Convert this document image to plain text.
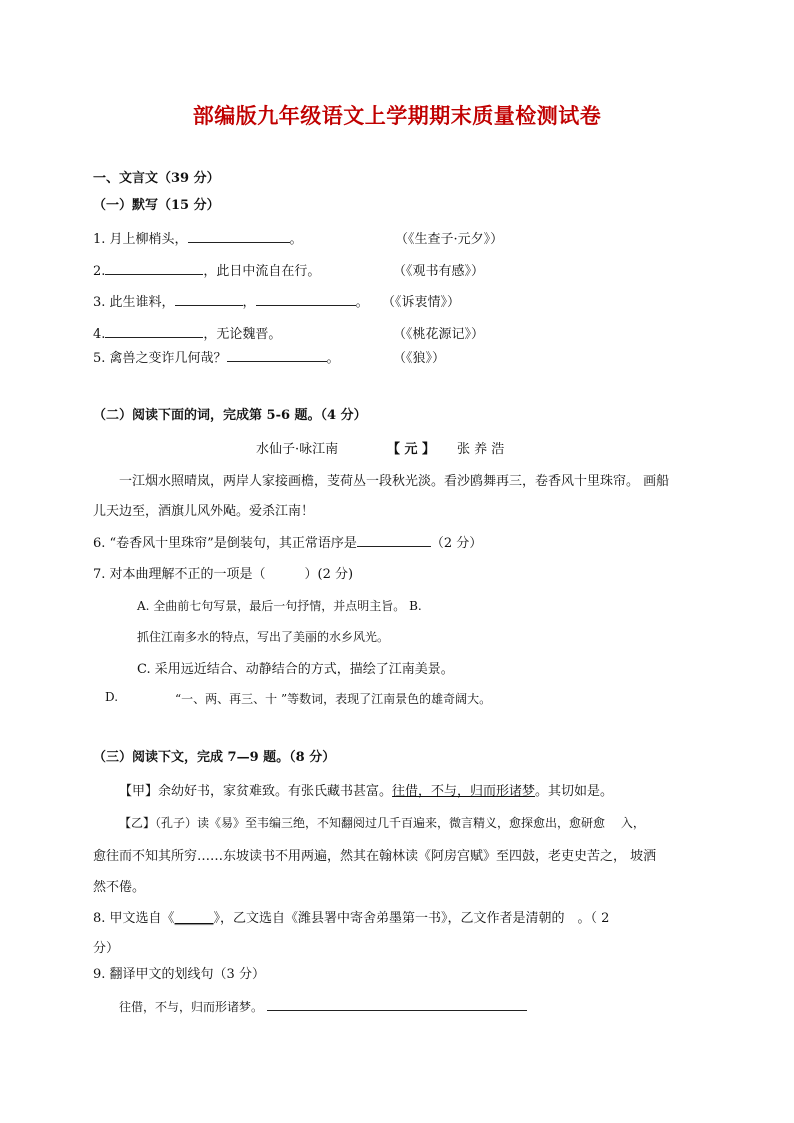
部编版九年级语文上学期期末质量检测试卷
一、文言文（39 分）
（一）默写（15 分）
1. 月上柳梢头，	。	（《生查子·元夕》）
2.	，此日中流自在行。	（《观书有感》）
3. 此生谁料，	，	。 （《诉衷情》）
4.	，无论魏晋。	（《桃花源记》）
5. 禽兽之变诈几何哉？	。	（《狼》）
（二）阅读下面的词，完成第 5-6 题。（4 分）
水仙子·咏江南	【 元 】 张 养 浩
一江烟水照晴岚，两岸人家接画檐，芰荷丛一段秋光淡。看沙鸥舞再三，卷香风十里珠帘。 画船
儿天边至，酒旗儿风外飐。爱杀江南！
6. “卷香风十里珠帘”是倒装句，其正常语序是	（2 分）
7. 对本曲理解不正的一项是（　　　）(2 分)
A. 全曲前七句写景，最后一句抒情，并点明主旨。 B.
抓住江南多水的特点，写出了美丽的水乡风光。
C. 采用远近结合、动静结合的方式，描绘了江南美景。
D.	“一、两、再三、十 ”等数词，表现了江南景色的雄奇阔大。
（三）阅读下文，完成 7—9 题。（8 分）
【甲】余幼好书，家贫难致。有张氏藏书甚富。往借，不与，归而形诸梦。其切如是。
【乙】（孔子）读《易》至韦编三绝，不知翻阅过几千百遍来，微言精义，愈探愈出，愈研愈　 入，
愈往而不知其所穷……东坡读书不用两遍，然其在翰林读《阿房宫赋》至四鼓，老吏史苦之， 坡洒
然不倦。
8. 甲文选自《______》，乙文选自《潍县署中寄舍弟墨第一书》，乙文作者是清朝的　。（ 2
分）
9. 翻译甲文的划线句（3 分）
往借，不与，归而形诸梦。
